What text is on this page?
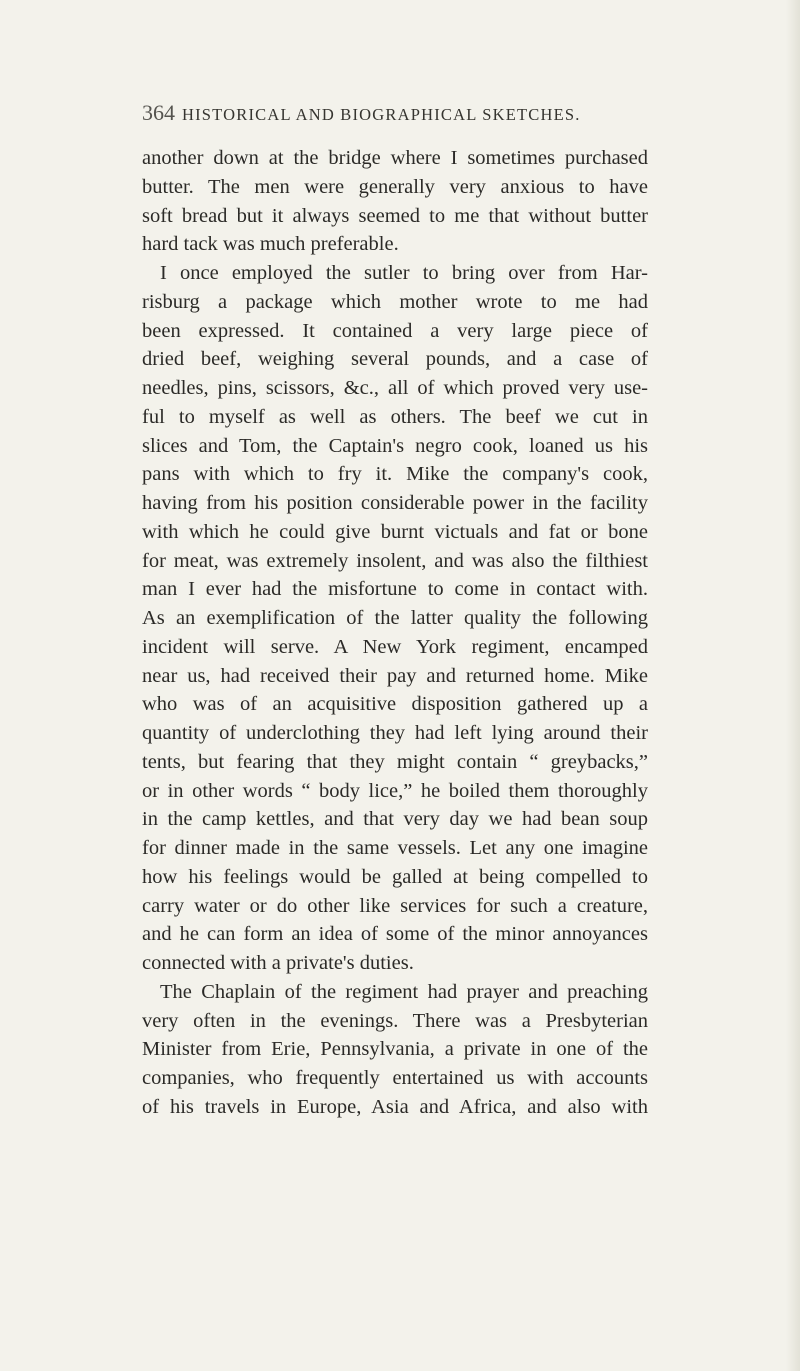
364 HISTORICAL AND BIOGRAPHICAL SKETCHES.
another down at the bridge where I sometimes purchased
butter. The men were generally very anxious to have
soft bread but it always seemed to me that without butter
hard tack was much preferable.
I once employed the sutler to bring over from Har-
risburg a package which mother wrote to me had
been expressed. It contained a very large piece of
dried beef, weighing several pounds, and a case of
needles, pins, scissors, &c., all of which proved very use-
ful to myself as well as others. The beef we cut in
slices and Tom, the Captain's negro cook, loaned us his
pans with which to fry it. Mike the company's cook,
having from his position considerable power in the facility
with which he could give burnt victuals and fat or bone
for meat, was extremely insolent, and was also the filthiest
man I ever had the misfortune to come in contact with.
As an exemplification of the latter quality the following
incident will serve. A New York regiment, encamped
near us, had received their pay and returned home. Mike
who was of an acquisitive disposition gathered up a
quantity of underclothing they had left lying around their
tents, but fearing that they might contain “ greybacks,”
or in other words “ body lice,” he boiled them thoroughly
in the camp kettles, and that very day we had bean soup
for dinner made in the same vessels. Let any one imagine
how his feelings would be galled at being compelled to
carry water or do other like services for such a creature,
and he can form an idea of some of the minor annoyances
connected with a private's duties.
The Chaplain of the regiment had prayer and preaching
very often in the evenings. There was a Presbyterian
Minister from Erie, Pennsylvania, a private in one of the
companies, who frequently entertained us with accounts
of his travels in Europe, Asia and Africa, and also with
